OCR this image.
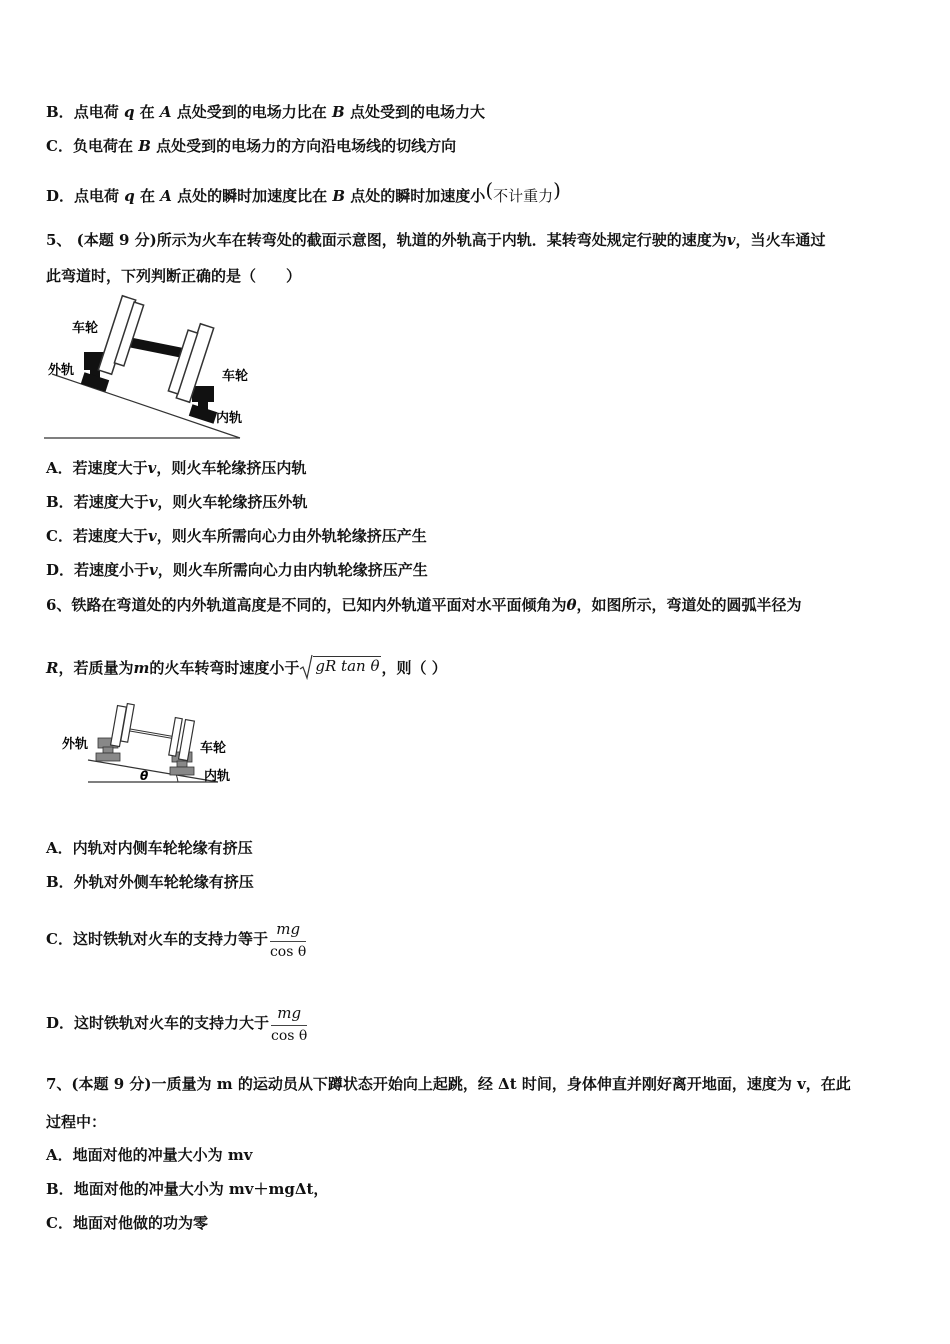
B．点电荷 q 在 A 点处受到的电场力比在 B 点处受到的电场力大
C．负电荷在 B 点处受到的电场力的方向沿电场线的切线方向
D．点电荷 q 在 A 点处的瞬时加速度比在 B 点处的瞬时加速度小(不计重力)
5、 (本题 9 分)所示为火车在转弯处的截面示意图，轨道的外轨高于内轨．某转弯处规定行驶的速度为v，当火车通过
此弯道时，下列判断正确的是（　　）
车轮
外轨	车轮
内轨
A．若速度大于v，则火车轮缘挤压内轨
B．若速度大于v，则火车轮缘挤压外轨
C．若速度大于v，则火车所需向心力由外轨轮缘挤压产生
D．若速度小于v，则火车所需向心力由内轨轮缘挤压产生
6、铁路在弯道处的内外轨道高度是不同的，已知内外轨道平面对水平面倾角为θ，如图所示，弯道处的圆弧半径为
R，若质量为m的火车转弯时速度小于 gR tan θ ，则（ ）
外轨	车轮
内轨
θ
A．内轨对内侧车轮轮缘有挤压
B．外轨对外侧车轮轮缘有挤压
C．这时铁轨对火车的支持力等于 $\frac{mg}{\text{cos θ}}$
D．这时铁轨对火车的支持力大于 $\frac{mg}{\text{cos θ}}$
7、(本题 9 分)一质量为 m 的运动员从下蹲状态开始向上起跳，经 Δt 时间，身体伸直并刚好离开地面，速度为 v，在此
过程中：
A．地面对他的冲量大小为 mv
B．地面对他的冲量大小为 mv＋mgΔt，
C．地面对他做的功为零
